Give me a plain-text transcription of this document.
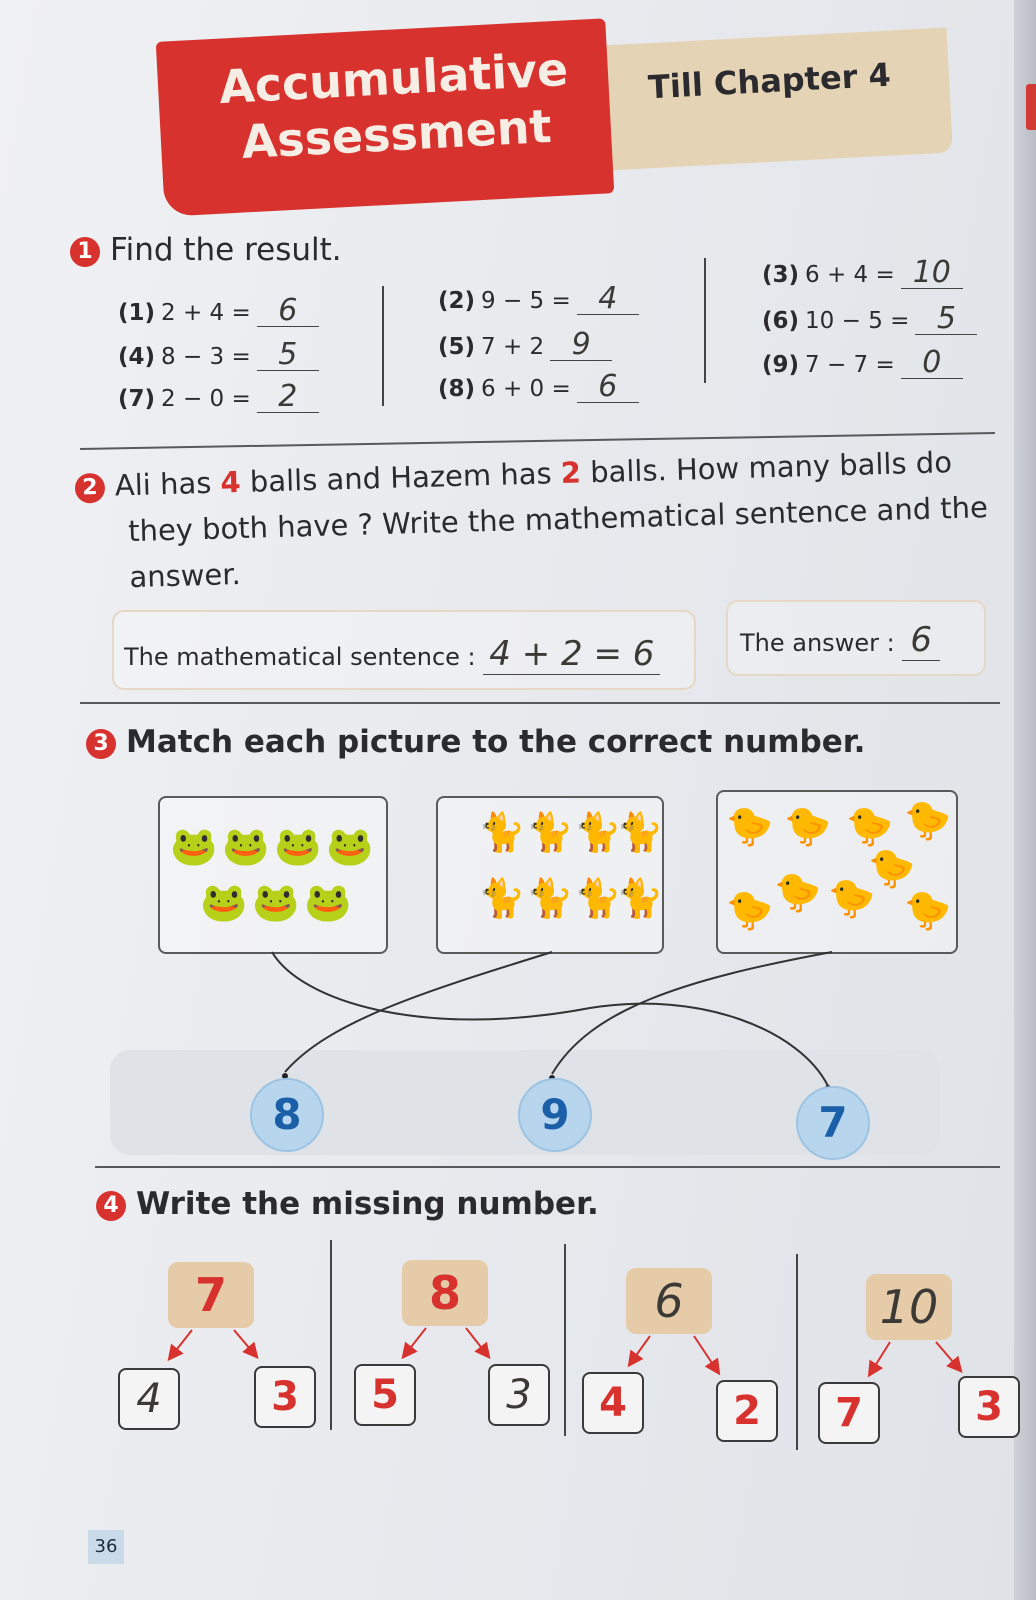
Accumulative Assessment
Till Chapter 4
1 Find the result.
(1) 2 + 4 = 6
(4) 8 − 3 = 5
(7) 2 − 0 = 2
(2) 9 − 5 = 4
(5) 7 + 2 9
(8) 6 + 0 = 6
(3) 6 + 4 = 10
(6) 10 − 5 = 5
(9) 7 − 7 = 0
2 Ali has 4 balls and Hazem has 2 balls. How many balls do they both have ? Write the mathematical sentence and the answer.
The mathematical sentence : 4 + 2 = 6	The answer : 6
3 Match each picture to the correct number.
🐸 🐸 🐸 🐸
🐸 🐸 🐸
🐈 🐈 🐈
🐈
🐈 🐈 🐈
🐈
🐤 🐤 🐤 🐤
🐤
🐤 🐤
🐤	🐤
8	9	7
4 Write the missing number.
7
4	3
8
5	3
6
4	2
10
7	3
36
